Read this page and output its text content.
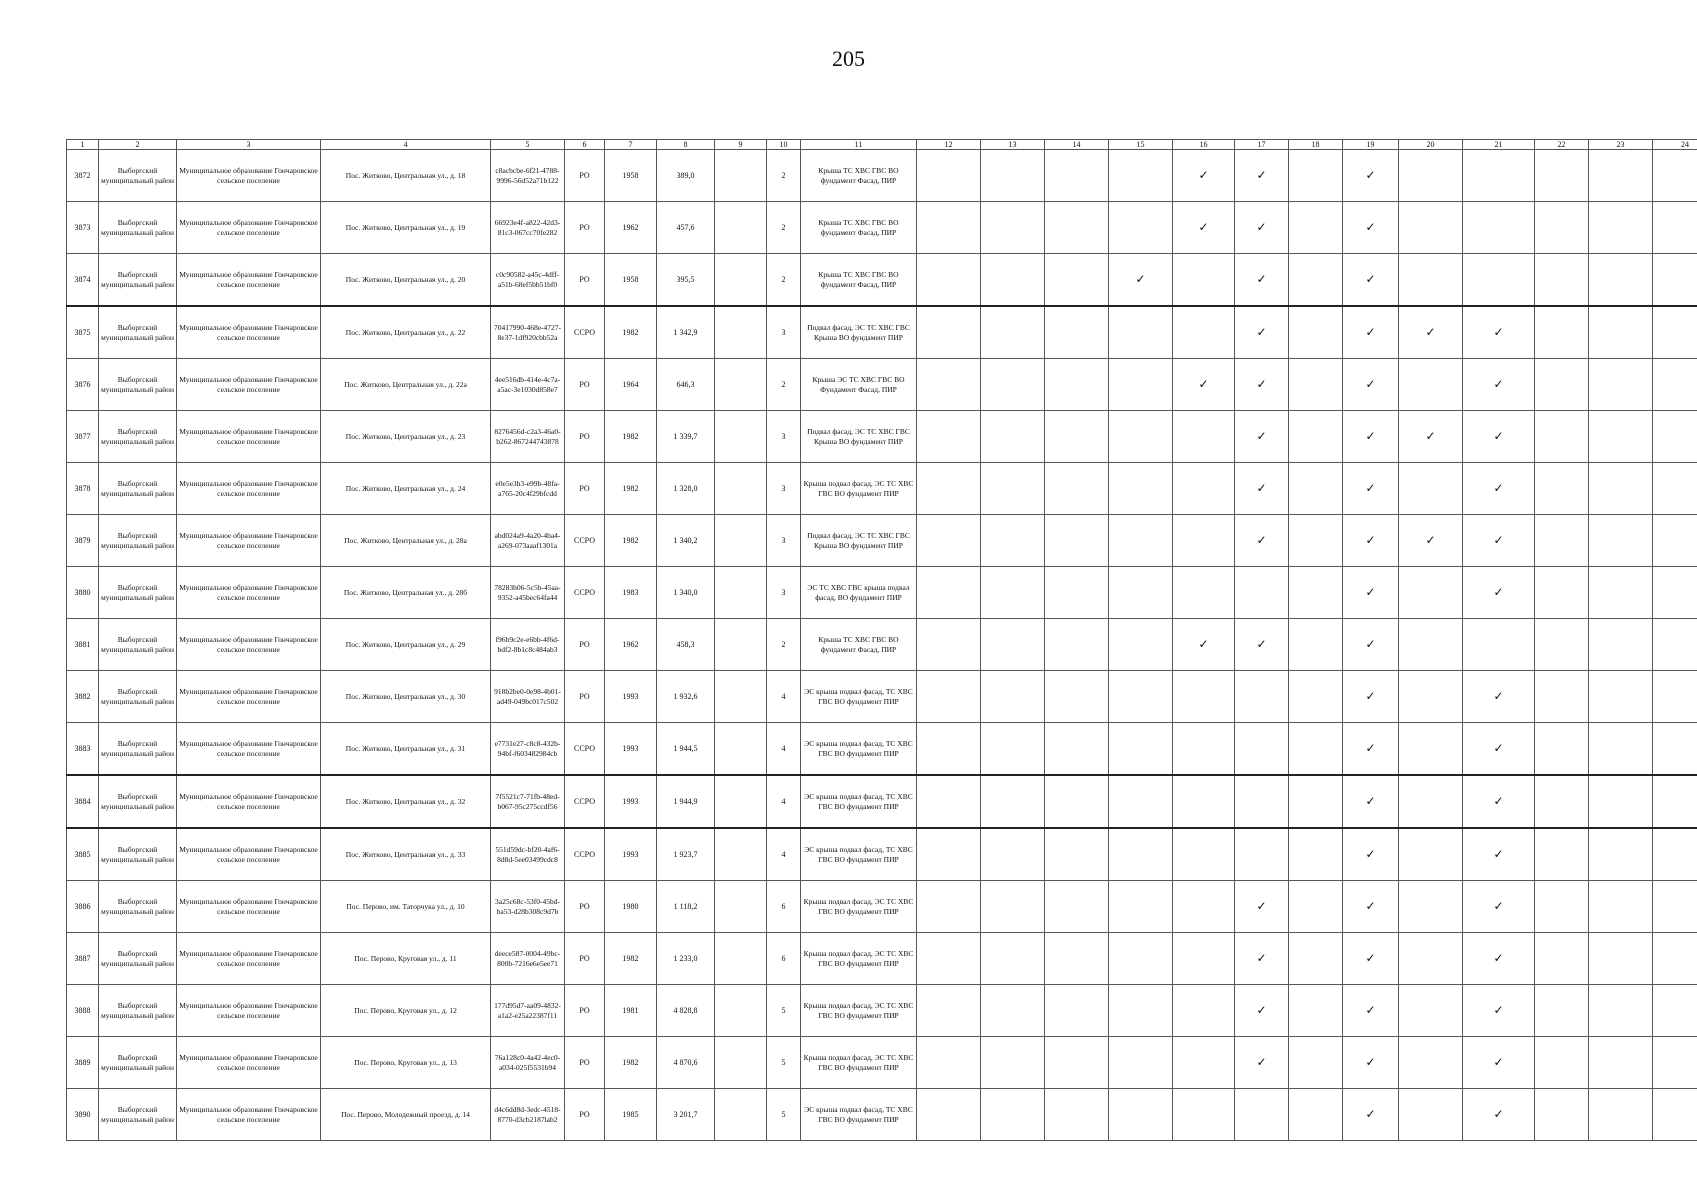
205
1	2	3	4	5	6	7	8	9	10	11	12	13	14	15	16	17	18	19	20	21	22	23	24
3872	Выборгский муниципальный район	Муниципальное образование Гончаровское сельское поселение	Пос. Житково, Центральная ул., д. 18	c8acbcbe-6f21-4788-9996-56d52a71b122	РО	1958	389,0		2	Крыша ТС ХВС ГВС ВО фундамент Фасад, ПИР					✓	✓		✓					
3873	Выборгский муниципальный район	Муниципальное образование Гончаровское сельское поселение	Пос. Житково, Центральная ул., д. 19	66923e4f-a822-42d3-81c3-067cc70fe282	РО	1962	457,6		2	Крыша ТС ХВС ГВС ВО фундамент Фасад, ПИР					✓	✓		✓					
3874	Выборгский муниципальный район	Муниципальное образование Гончаровское сельское поселение	Пос. Житково, Центральная ул., д. 20	c0c90582-a45c-4dff-a51b-68ef5bb51bf0	РО	1958	395,5		2	Крыша ТС ХВС ГВС ВО фундамент Фасад, ПИР				✓		✓		✓					
3875	Выборгский муниципальный район	Муниципальное образование Гончаровское сельское поселение	Пос. Житково, Центральная ул., д. 22	70417990-468e-4727-8e37-1df920cbb52a	ССРО	1982	1 342,9		3	Подвал фасад, ЭС ТС ХВС ГВС Крыша ВО фундамент ПИР						✓		✓	✓	✓			
3876	Выборгский муниципальный район	Муниципальное образование Гончаровское сельское поселение	Пос. Житково, Центральная ул., д. 22а	4ee516db-414e-4c7a-a5ac-3e1030d858e7	РО	1964	646,3		2	Крыша ЭС ТС ХВС ГВС ВО Фундамент Фасад, ПИР					✓	✓		✓		✓			
3877	Выборгский муниципальный район	Муниципальное образование Гончаровское сельское поселение	Пос. Житково, Центральная ул., д. 23	8276456d-c2a3-46a0-b262-867244743878	РО	1982	1 339,7		3	Подвал фасад, ЭС ТС ХВС ГВС Крыша ВО фундамент ПИР						✓		✓	✓	✓			
3878	Выборгский муниципальный район	Муниципальное образование Гончаровское сельское поселение	Пос. Житково, Центральная ул., д. 24	e0e5e3b3-e99b-48fa-a765-20c4f29bfcdd	РО	1982	1 328,0		3	Крыша подвал фасад, ЭС ТС ХВС ГВС ВО фундамент ПИР						✓		✓		✓			
3879	Выборгский муниципальный район	Муниципальное образование Гончаровское сельское поселение	Пос. Житково, Центральная ул., д. 28а	abd024a9-4a20-4ba4-a269-073aaaf1301a	ССРО	1982	1 340,2		3	Подвал фасад, ЭС ТС ХВС ГВС Крыша ВО фундамент ПИР						✓		✓	✓	✓			
3880	Выборгский муниципальный район	Муниципальное образование Гончаровское сельское поселение	Пос. Житково, Центральная ул., д. 28б	78283b06-5c5b-45aa-9352-a45bec64fa44	ССРО	1983	1 340,0		3	ЭС ТС ХВС ГВС крыша подвал фасад, ВО фундамент ПИР								✓		✓			
3881	Выборгский муниципальный район	Муниципальное образование Гончаровское сельское поселение	Пос. Житково, Центральная ул., д. 29	f96b9c2e-e6bb-4f6d-bdf2-8b1c8c484ab3	РО	1962	458,3		2	Крыша ТС ХВС ГВС ВО фундамент Фасад, ПИР					✓	✓		✓					
3882	Выборгский муниципальный район	Муниципальное образование Гончаровское сельское поселение	Пос. Житково, Центральная ул., д. 30	918b2be0-0e98-4b01-ad49-049bc017c502	РО	1993	1 932,6		4	ЭС крыша подвал фасад, ТС ХВС ГВС ВО фундамент ПИР								✓		✓			
3883	Выборгский муниципальный район	Муниципальное образование Гончаровское сельское поселение	Пос. Житково, Центральная ул., д. 31	e7731e27-c8c8-432b-94bf-f603482984cb	ССРО	1993	1 944,5		4	ЭС крыша подвал фасад, ТС ХВС ГВС ВО фундамент ПИР								✓		✓			
3884	Выборгский муниципальный район	Муниципальное образование Гончаровское сельское поселение	Пос. Житково, Центральная ул., д. 32	7f5521c7-71fb-48ed-b067-95c275ccdf56	ССРО	1993	1 944,9		4	ЭС крыша подвал фасад, ТС ХВС ГВС ВО фундамент ПИР								✓		✓			
3885	Выборгский муниципальный район	Муниципальное образование Гончаровское сельское поселение	Пос. Житково, Центральная ул., д. 33	551d59dc-bf20-4af6-8d8d-5ee03499cdc8	ССРО	1993	1 923,7		4	ЭС крыша подвал фасад, ТС ХВС ГВС ВО фундамент ПИР								✓		✓			
3886	Выборгский муниципальный район	Муниципальное образование Гончаровское сельское поселение	Пос. Перово, им. Таторчука ул., д. 10	3a25c68c-53f0-45bd-ba53-d28b308c9d7b	РО	1980	1 118,2		6	Крыша подвал фасад, ЭС ТС ХВС ГВС ВО фундамент ПИР						✓		✓		✓			
3887	Выборгский муниципальный район	Муниципальное образование Гончаровское сельское поселение	Пос. Перово, Круговая ул., д. 11	deece587-0004-49bc-800b-7216e6e5ee71	РО	1982	1 233,0		6	Крыша подвал фасад, ЭС ТС ХВС ГВС ВО фундамент ПИР						✓		✓		✓			
3888	Выборгский муниципальный район	Муниципальное образование Гончаровское сельское поселение	Пос. Перово, Круговая ул., д. 12	177d95d7-aa09-4832-a1a2-e25a22387f11	РО	1981	4 828,8		5	Крыша подвал фасад, ЭС ТС ХВС ГВС ВО фундамент ПИР						✓		✓		✓			
3889	Выборгский муниципальный район	Муниципальное образование Гончаровское сельское поселение	Пос. Перово, Круговая ул., д. 13	76a128c0-4a42-4ec0-a034-025f5531b94	РО	1982	4 870,6		5	Крыша подвал фасад, ЭС ТС ХВС ГВС ВО фундамент ПИР						✓		✓		✓			
3890	Выборгский муниципальный район	Муниципальное образование Гончаровское сельское поселение	Пос. Перово, Молодежный проезд, д. 14	d4c6dd8d-3edc-4518-8770-d3cb2187lab2	РО	1985	3 201,7		5	ЭС крыша подвал фасад, ТС ХВС ГВС ВО фундамент ПИР								✓		✓			
